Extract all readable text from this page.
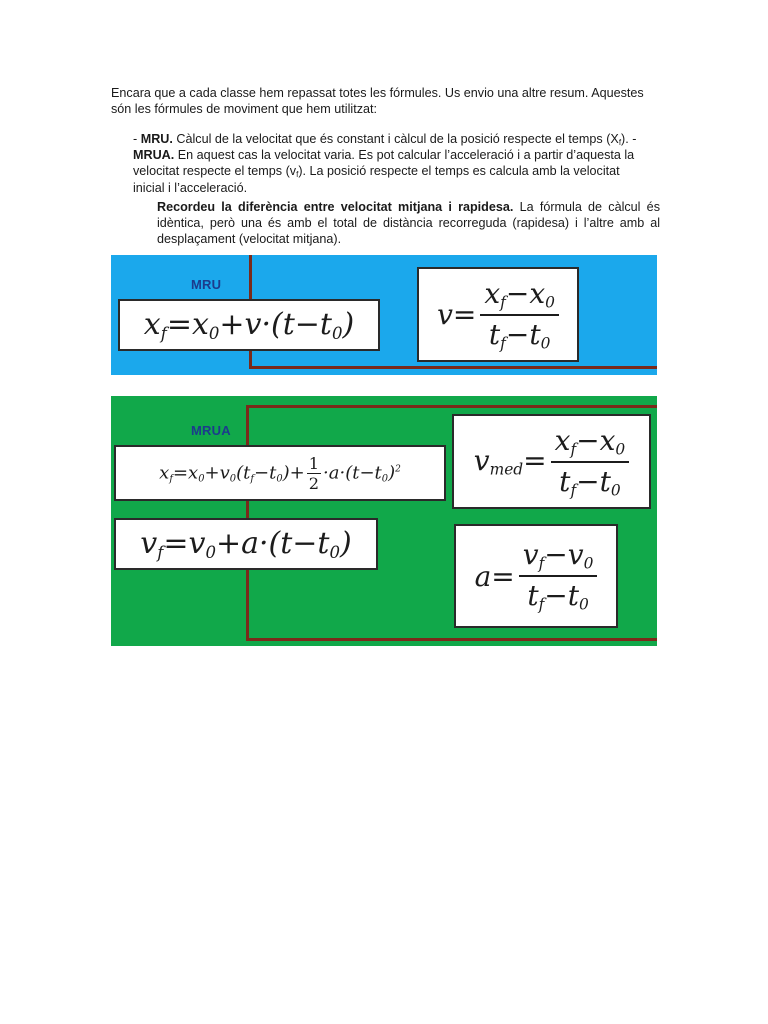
Encara que a cada classe hem repassat totes les fórmules. Us envio una altre resum. Aquestes
són les fórmules de moviment que hem utilitzat:
- MRU. Càlcul de la velocitat que és constant i càlcul de la posició respecte el temps $(X_f)$. -
MRUA. En aquest cas la velocitat varia. Es pot calcular l’acceleració i a partir d’aquesta la
velocitat respecte el temps $(v_f)$. La posició respecte el temps es calcula amb la velocitat
inicial i l’acceleració.
Recordeu la diferència entre velocitat mitjana i rapidesa. La fórmula de càlcul és idèntica, però una és amb el total de distància recorreguda (rapidesa) i l’altre amb al desplaçament (velocitat mitjana).
MRU
xf=x0+v·(t−t0)	$v= \frac{xf-x0}{tf-t0}$
MRUA
$xf=x0+v0(tf-t0)+ \frac{1}{2} \cdot a\cdot(t-t0)^2$	vmed= $\frac{xf-x0}{tf-t0}$
vf=v0+a·(t−t0)
$a= \frac{vf-v0}{tf-t0}$
